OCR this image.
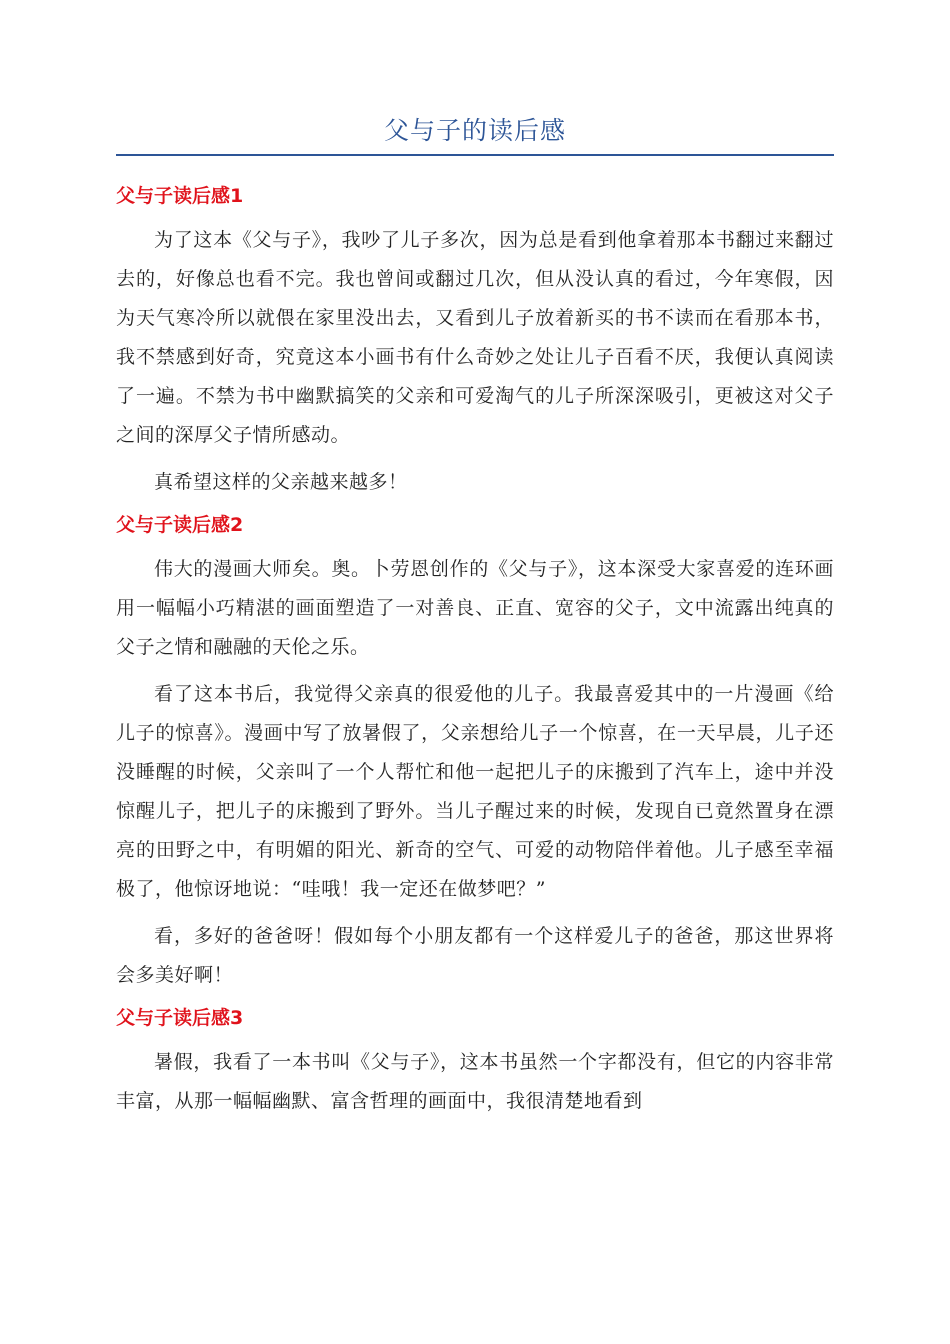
父与子的读后感
父与子读后感1

为了这本《父与子》，我吵了儿子多次，因为总是看到他拿着那本书翻过来翻过去的，好像总也看不完。我也曾间或翻过几次，但从没认真的看过，今年寒假，因为天气寒冷所以就偎在家里没出去，又看到儿子放着新买的书不读而在看那本书，我不禁感到好奇，究竟这本小画书有什么奇妙之处让儿子百看不厌，我便认真阅读了一遍。不禁为书中幽默搞笑的父亲和可爱淘气的儿子所深深吸引，更被这对父子之间的深厚父子情所感动。

真希望这样的父亲越来越多！

父与子读后感2

伟大的漫画大师矣。奥。卜劳恩创作的《父与子》，这本深受大家喜爱的连环画用一幅幅小巧精湛的画面塑造了一对善良、正直、宽容的父子，文中流露出纯真的父子之情和融融的天伦之乐。

看了这本书后，我觉得父亲真的很爱他的儿子。我最喜爱其中的一片漫画《给儿子的惊喜》。漫画中写了放暑假了，父亲想给儿子一个惊喜，在一天早晨，儿子还没睡醒的时候，父亲叫了一个人帮忙和他一起把儿子的床搬到了汽车上，途中并没惊醒儿子，把儿子的床搬到了野外。当儿子醒过来的时候，发现自已竟然置身在漂亮的田野之中，有明媚的阳光、新奇的空气、可爱的动物陪伴着他。儿子感至幸福极了，他惊讶地说：“哇哦！我一定还在做梦吧？”

看，多好的爸爸呀！假如每个小朋友都有一个这样爱儿子的爸爸，那这世界将会多美好啊！

父与子读后感3

暑假，我看了一本书叫《父与子》，这本书虽然一个字都没有，但它的内容非常丰富，从那一幅幅幽默、富含哲理的画面中，我很清楚地看到
